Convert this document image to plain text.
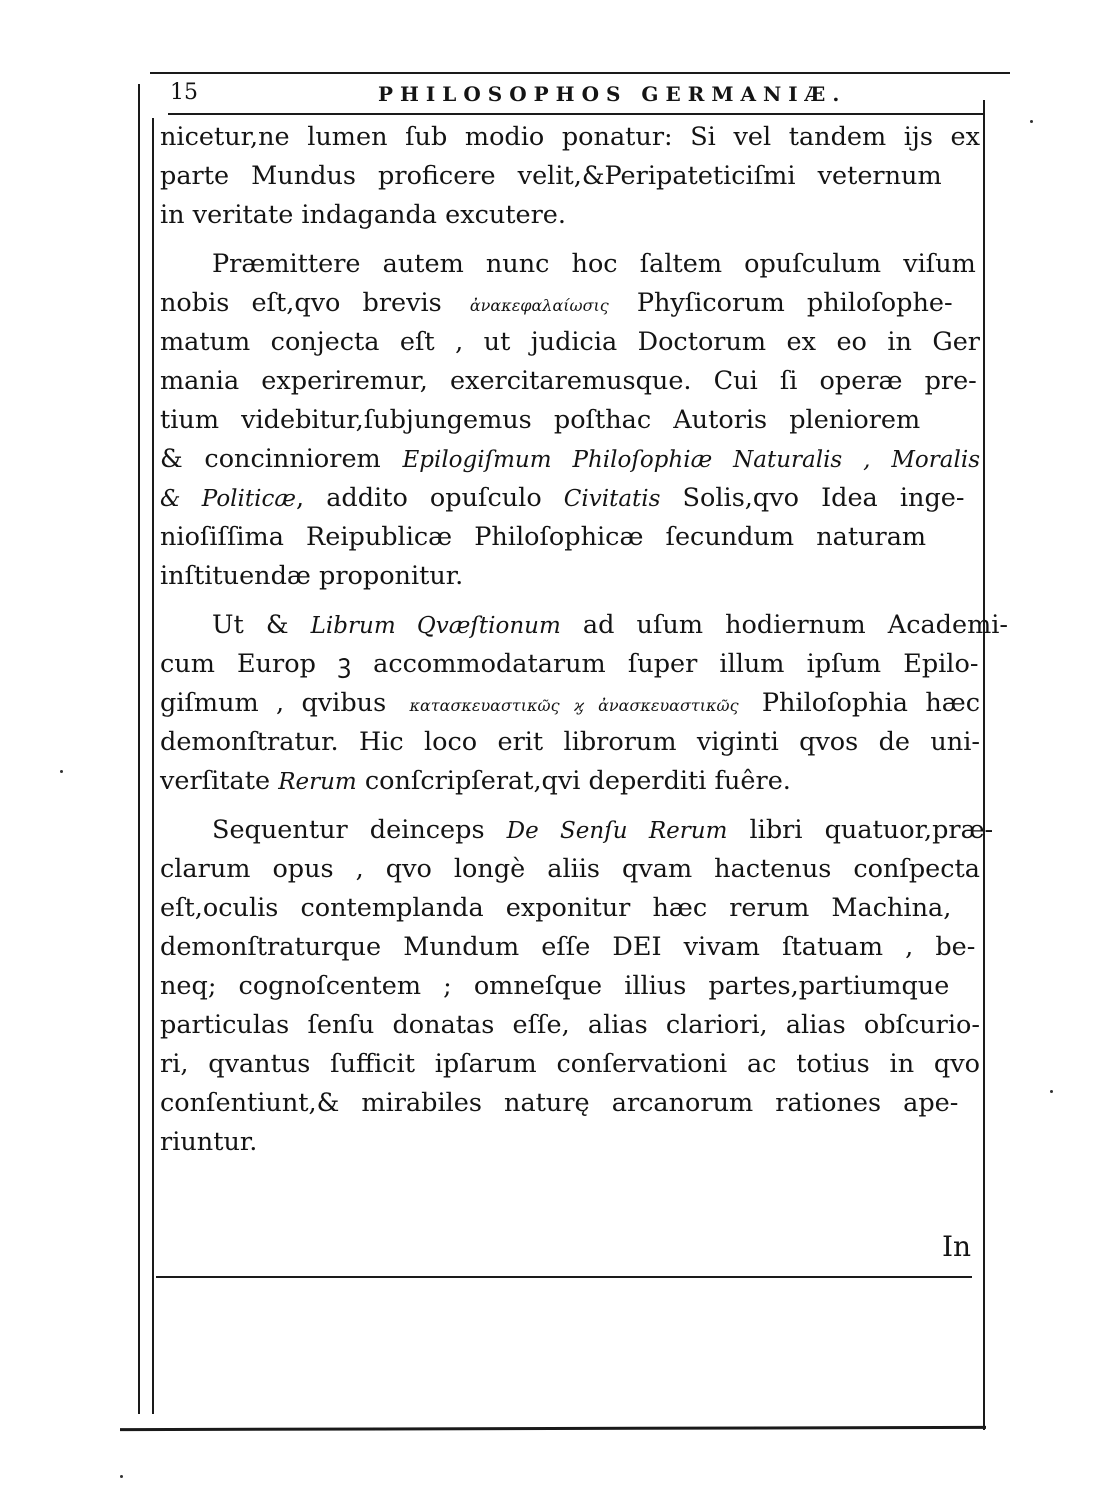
15	PHILOSOPHOS GERMANIÆ.
nicetur,ne lumen ſub modio ponatur: Si vel tandem ijs ex
parte Mundus proficere velit,&Peripateticiſmi veternum
in veritate indaganda excutere.
Præmittere autem nunc hoc ſaltem opuſculum viſum
nobis eſt,qvo brevis ἀνακεφαλαίωσις Phyſicorum philoſophe-
matum conjecta eſt , ut judicia Doctorum ex eo in Ger
mania experiremur, exercitaremusque. Cui ſi operæ pre-
tium videbitur,ſubjungemus poſthac Autoris pleniorem
& concinniorem Epilogiſmum Philoſophiæ Naturalis , Moralis
& Politicæ, addito opuſculo Civitatis Solis,qvo Idea inge-
nioſiſſima Reipublicæ Philoſophicæ ſecundum naturam
inſtituendæ proponitur.
Ut & Librum Qvæſtionum ad uſum hodiernum Academi-
cum Europ ꝫ accommodatarum ſuper illum ipſum Epilo-
giſmum , qvibus κατασκευαστικῶς ϗ ἀνασκευαστικῶς Philoſophia hæc
demonſtratur. Hic loco erit librorum viginti qvos de uni-
verſitate Rerum conſcripſerat,qvi deperditi fuêre.
Sequentur deinceps De Senſu Rerum libri quatuor,præ-
clarum opus , qvo longè aliis qvam hactenus conſpecta
eſt,oculis contemplanda exponitur hæc rerum Machina,
demonſtraturque Mundum eſſe DEI vivam ſtatuam , be-
neq; cognoſcentem ; omneſque illius partes,partiumque
particulas ſenſu donatas eſſe, alias clariori, alias obſcurio-
ri, qvantus ſufficit ipſarum conſervationi ac totius in qvo
conſentiunt,& mirabiles naturę arcanorum rationes ape-
riuntur.
In
